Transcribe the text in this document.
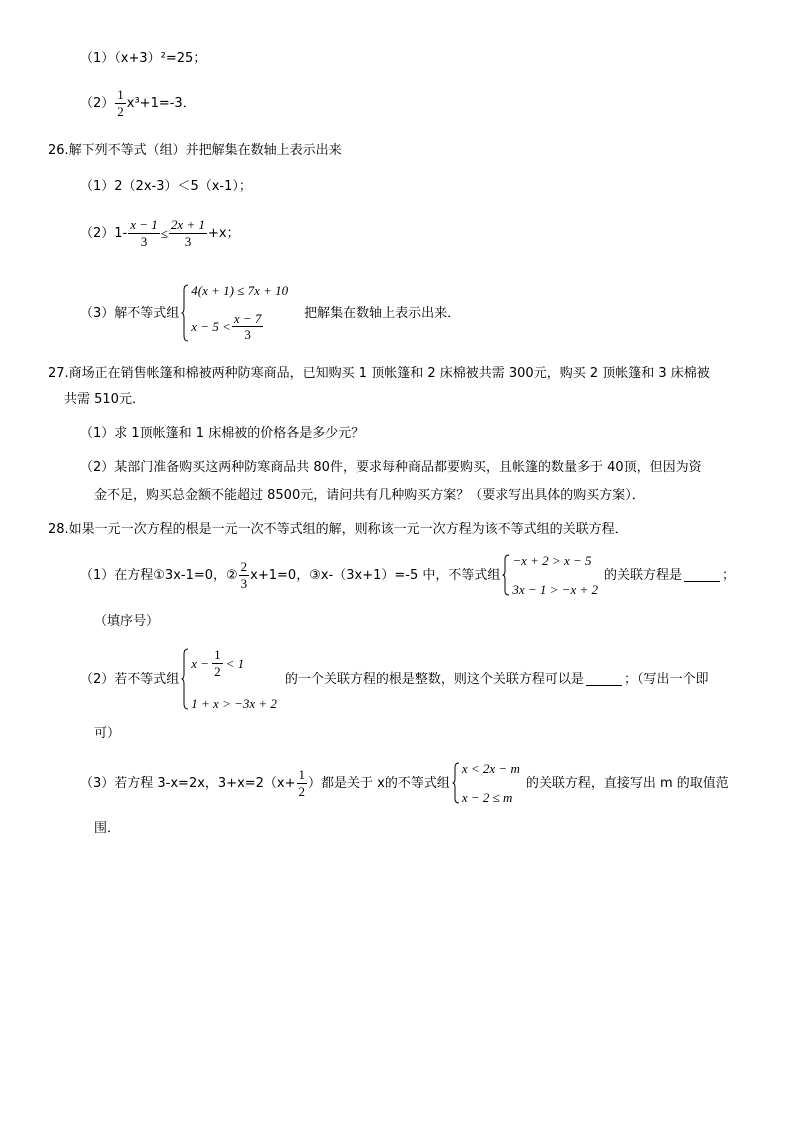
（1）（x+3）²=25；
$(2) \frac{1}{2} x^3+1=-3$．
26.解下列不等式（组）并把解集在数轴上表示出来
（1）2（2x-3）＜5（x-1）；
$(2)1- \frac{x - 1}{3} \le \frac{2x + 1}{3} +x$；
（3）解不等式组
4(x + 1) ≤ 7x + 10
$x - 5 < \frac{x - 7}{3}$	把解集在数轴上表示出来．
27.商场正在销售帐篷和棉被两种防寒商品，已知购买 1 顶帐篷和 2 床棉被共需 300元，购买 2 顶帐篷和 3 床棉被
共需 510元．
（1）求 1顶帐篷和 1 床棉被的价格各是多少元？
（2）某部门准备购买这两种防寒商品共 80件，要求每种商品都要购买，且帐篷的数量多于 40顶，但因为资
金不足，购买总金额不能超过 8500元，请问共有几种购买方案？（要求写出具体的购买方案）．
28.如果一元一次方程的根是一元一次不等式组的解，则称该一元一次方程为该不等式组的关联方程．
（1）在方程①3x-1=0，② $\frac{2}{3} x+1=0$，③x-（3x+1）=-5 中，不等式组
−x + 2 > x − 5
3x − 1 > −x + 2
的关联方程是	；
（填序号）
（2）若不等式组
$x - \frac{1}{2} < 1$
1 + x > −3x + 2
的一个关联方程的根是整数，则这个关联方程可以是	；（写出一个即
可）
（3）若方程 3-x=2x，$3+x=2(x+ \frac{1}{2}$ ）都是关于 x的不等式组
x < 2x − m
x − 2 ≤ m
的关联方程，直接写出 m 的取值范
围．
